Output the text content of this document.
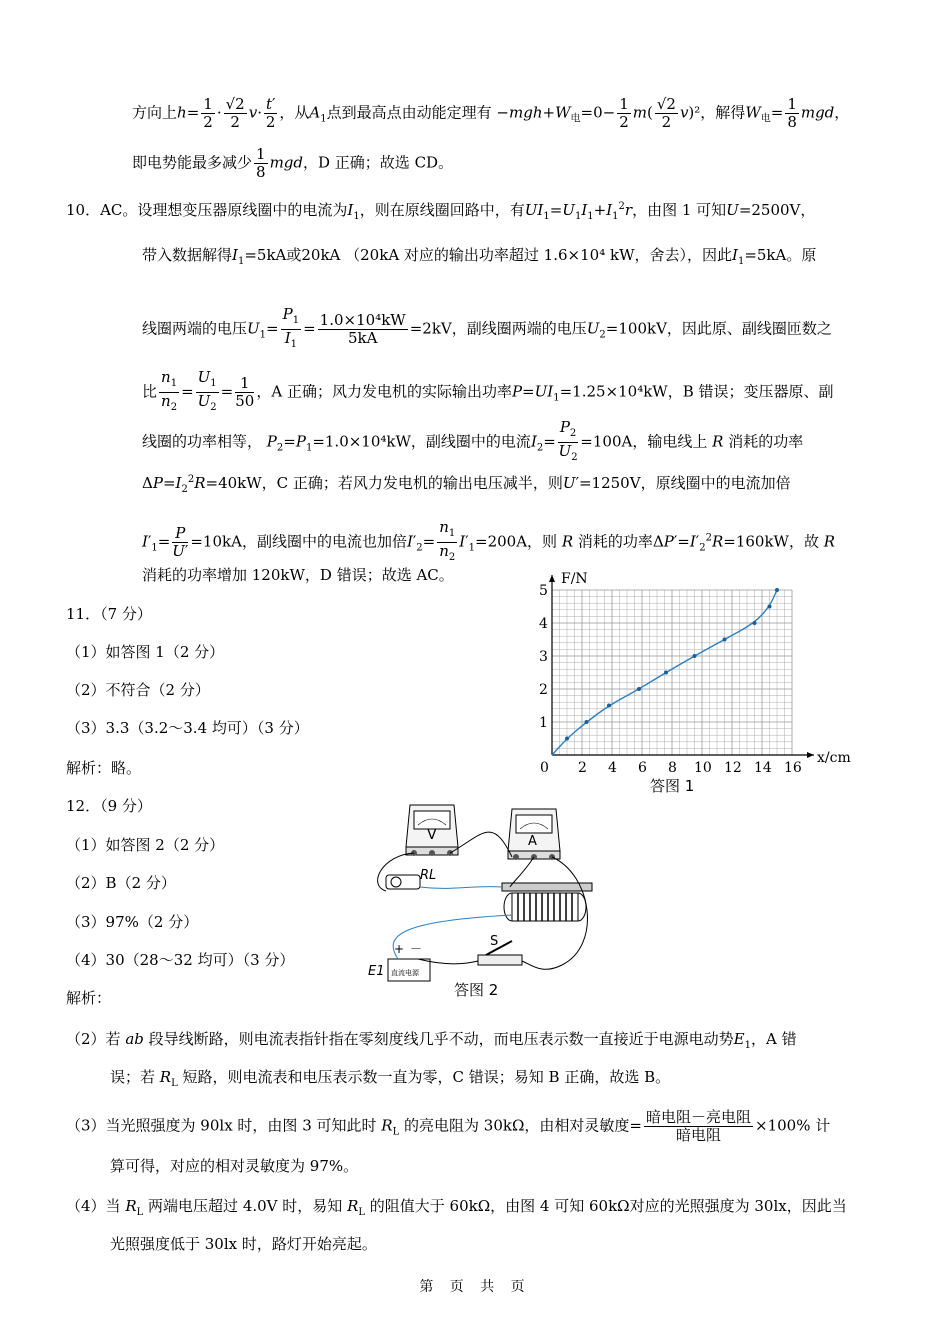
方向上$h= \frac{1}{2} \cdot \frac{√2}{2} v\cdot \frac{t'}{2}$ ，从$A_1$点到最高点由动能定理有 $-mgh+W_电=0- \frac{1}{2} m( \frac{√2}{2} v)^2$，解得$W_电= \frac{1}{8}$ mgd，
即电势能最多减少 $\frac{1}{8}$ mgd，D 正确；故选 CD。
10．AC。设理想变压器原线圈中的电流为$I_1$，则在原线圈回路中，有$UI_1=U_1I_1+I_1^2r$，由图 1 可知U=2500V，
带入数据解得$I_1=5kA$或20kA （20kA 对应的输出功率超过 1.6×10⁴ kW，舍去），因此$I_1=5kA$。原
线圈两端的电压$U_1= \frac{P_1}{I_1} = \frac{\text{1.0×10⁴kW}}{5kA} =2kV$，副线圈两端的电压$U_2=100kV$，因此原、副线圈匝数之
比 $\frac{n_1}{n_2} = \frac{U_1}{U_2} = \frac{1}{50}$ ，A 正确；风力发电机的实际输出功率$P=UI_1=1.25\times 10^4kW$，B 错误；变压器原、副
线圈的功率相等， $P_2=P_1=1.0\times 10^4kW$，副线圈中的电流$I_2= \frac{P_2}{U_2} =100A$，输电线上 R 消耗的功率
$\Delta P=I_2^2R=40kW$，C 正确；若风力发电机的输出电压减半，则U′=1250V，原线圈中的电流加倍
$I'_1= \frac{P}{U'} =10kA$，副线圈中的电流也加倍$I'_2= \frac{n_1}{n_2} I'_1=200A$，则 R 消耗的功率$\Delta P'=I'_2^2R=160kW$，故 R
消耗的功率增加 120kW，D 错误；故选 AC。
11．（7 分）
（1）如答图 1（2 分）
（2）不符合（2 分）
（3）3.3（3.2～3.4 均可）（3 分）
解析：略。	0 2 4 6 8 10 12 14 16
1
2
3
4
5
F/N
x/cm
答图 1
12．（9 分）
（1）如答图 2（2 分）
（2）B（2 分）
（3）97%（2 分）
（4）30（28～32 均可）（3 分）
解析：
V	A
RL
S
直流电源
+ －
E1
答图 2
（2）若 ab 段导线断路，则电流表指针指在零刻度线几乎不动，而电压表示数一直接近于电源电动势$E_1$，A 错
误；若 $R_L$ 短路，则电流表和电压表示数一直为零，C 错误；易知 B 正确，故选 B。
（3）当光照强度为 90lx 时，由图 3 可知此时 $R_L$ 的亮电阻为 30kΩ，由相对灵敏度= 暗电阻－亮电阻
暗电阻
×100% 计
算可得，对应的相对灵敏度为 97%。
（4）当 $R_L$ 两端电压超过 4.0V 时，易知 $R_L$ 的阻值大于 60kΩ，由图 4 可知 60kΩ对应的光照强度为 30lx，因此当
光照强度低于 30lx 时，路灯开始亮起。
第 页 共 页
